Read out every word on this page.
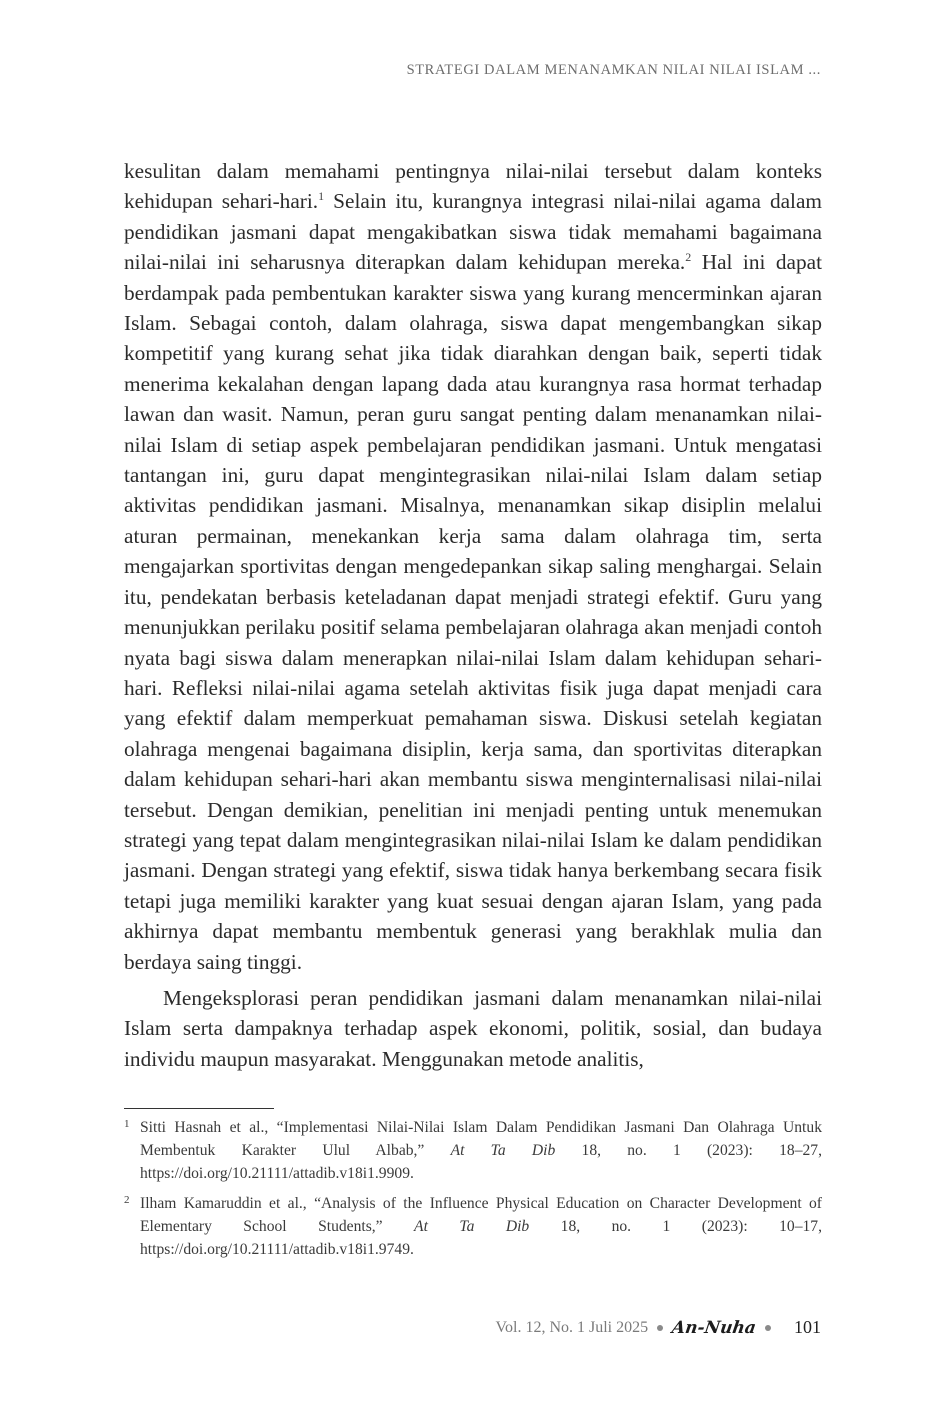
STRATEGI DALAM MENANAMKAN NILAI NILAI ISLAM ...

kesulitan dalam memahami pentingnya nilai-nilai tersebut dalam konteks kehidupan sehari-hari.$^1$ Selain itu, kurangnya integrasi nilai-nilai agama dalam pendidikan jasmani dapat mengakibatkan siswa tidak memahami bagaimana nilai-nilai ini seharusnya diterapkan dalam kehidupan mereka.$^2$ Hal ini dapat berdampak pada pembentukan karakter siswa yang kurang mencerminkan ajaran Islam. Sebagai contoh, dalam olahraga, siswa dapat mengembangkan sikap kompetitif yang kurang sehat jika tidak diarahkan dengan baik, seperti tidak menerima kekalahan dengan lapang dada atau kurangnya rasa hormat terhadap lawan dan wasit. Namun, peran guru sangat penting dalam menanamkan nilai-nilai Islam di setiap aspek pembelajaran pendidikan jasmani. Untuk mengatasi tantangan ini, guru dapat mengintegrasikan nilai-nilai Islam dalam setiap aktivitas pendidikan jasmani. Misalnya, menanamkan sikap disiplin melalui aturan permainan, menekankan kerja sama dalam olahraga tim, serta mengajarkan sportivitas dengan mengedepankan sikap saling menghargai. Selain itu, pendekatan berbasis keteladanan dapat menjadi strategi efektif. Guru yang menunjukkan perilaku positif selama pembelajaran olahraga akan menjadi contoh nyata bagi siswa dalam menerapkan nilai-nilai Islam dalam kehidupan sehari-hari. Refleksi nilai-nilai agama setelah aktivitas fisik juga dapat menjadi cara yang efektif dalam memperkuat pemahaman siswa. Diskusi setelah kegiatan olahraga mengenai bagaimana disiplin, kerja sama, dan sportivitas diterapkan dalam kehidupan sehari-hari akan membantu siswa menginternalisasi nilai-nilai tersebut. Dengan demikian, penelitian ini menjadi penting untuk menemukan strategi yang tepat dalam mengintegrasikan nilai-nilai Islam ke dalam pendidikan jasmani. Dengan strategi yang efektif, siswa tidak hanya berkembang secara fisik tetapi juga memiliki karakter yang kuat sesuai dengan ajaran Islam, yang pada akhirnya dapat membantu membentuk generasi yang berakhlak mulia dan berdaya saing tinggi.

Mengeksplorasi peran pendidikan jasmani dalam menanamkan nilai-nilai Islam serta dampaknya terhadap aspek ekonomi, politik, sosial, dan budaya individu maupun masyarakat. Menggunakan metode analitis,

1 Sitti Hasnah et al., “Implementasi Nilai-Nilai Islam Dalam Pendidikan Jasmani Dan Olahraga Untuk Membentuk Karakter Ulul Albab,” At Ta Dib 18, no. 1 (2023): 18–27, https://doi.org/10.21111/attadib.v18i1.9909.
2 Ilham Kamaruddin et al., “Analysis of the Influence Physical Education on Character Development of Elementary School Students,” At Ta Dib 18, no. 1 (2023): 10–17, https://doi.org/10.21111/attadib.v18i1.9749.
Vol. 12, No. 1 Juli 2025 An-Nuha 101
